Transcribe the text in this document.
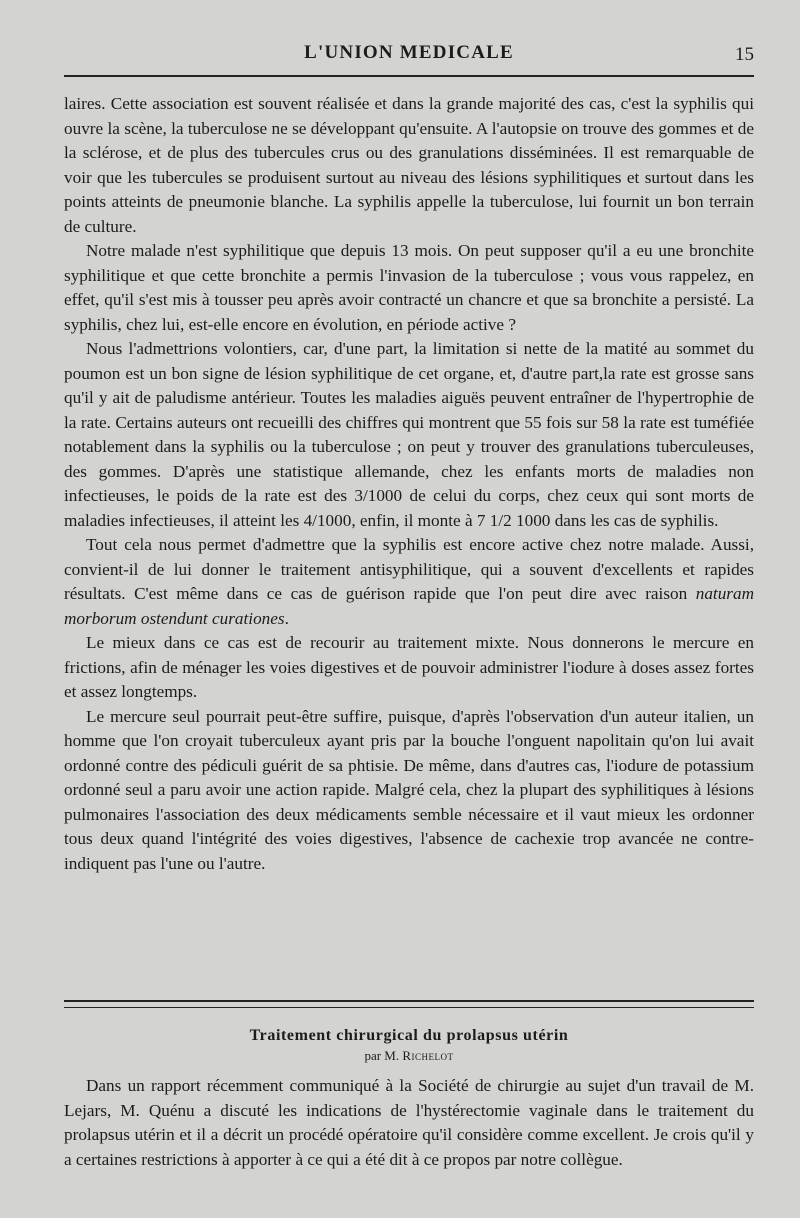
L'UNION MEDICALE	15

laires. Cette association est souvent réalisée et dans la grande majorité des cas, c'est la syphilis qui ouvre la scène, la tuberculose ne se développant qu'ensuite. A l'autopsie on trouve des gommes et de la sclérose, et de plus des tubercules crus ou des granulations disséminées. Il est remarquable de voir que les tubercules se produisent surtout au niveau des lésions syphilitiques et surtout dans les points atteints de pneumonie blanche. La syphilis appelle la tuberculose, lui fournit un bon terrain de culture.

Notre malade n'est syphilitique que depuis 13 mois. On peut supposer qu'il a eu une bronchite syphilitique et que cette bronchite a permis l'invasion de la tuberculose ; vous vous rappelez, en effet, qu'il s'est mis à tousser peu après avoir contracté un chancre et que sa bronchite a persisté. La syphilis, chez lui, est-elle encore en évolution, en période active ?

Nous l'admettrions volontiers, car, d'une part, la limitation si nette de la matité au sommet du poumon est un bon signe de lésion syphilitique de cet organe, et, d'autre part,la rate est grosse sans qu'il y ait de paludisme antérieur. Toutes les maladies aiguës peuvent entraîner de l'hypertrophie de la rate. Certains auteurs ont recueilli des chiffres qui montrent que 55 fois sur 58 la rate est tuméfiée notablement dans la syphilis ou la tuberculose ; on peut y trouver des granulations tuberculeuses, des gommes. D'après une statistique allemande, chez les enfants morts de maladies non infectieuses, le poids de la rate est des 3/1000 de celui du corps, chez ceux qui sont morts de maladies infectieuses, il atteint les 4/1000, enfin, il monte à 7 1/2 1000 dans les cas de syphilis.

Tout cela nous permet d'admettre que la syphilis est encore active chez notre malade. Aussi, convient-il de lui donner le traitement antisyphilitique, qui a souvent d'excellents et rapides résultats. C'est même dans ce cas de guérison rapide que l'on peut dire avec raison naturam morborum ostendunt curationes.

Le mieux dans ce cas est de recourir au traitement mixte. Nous donnerons le mercure en frictions, afin de ménager les voies digestives et de pouvoir administrer l'iodure à doses assez fortes et assez longtemps.

Le mercure seul pourrait peut-être suffire, puisque, d'après l'observation d'un auteur italien, un homme que l'on croyait tuberculeux ayant pris par la bouche l'onguent napolitain qu'on lui avait ordonné contre des pédiculi guérit de sa phtisie. De même, dans d'autres cas, l'iodure de potassium ordonné seul a paru avoir une action rapide. Malgré cela, chez la plupart des syphilitiques à lésions pulmonaires l'association des deux médicaments semble nécessaire et il vaut mieux les ordonner tous deux quand l'intégrité des voies digestives, l'absence de cachexie trop avancée ne contre-indiquent pas l'une ou l'autre.

Traitement chirurgical du prolapsus utérin
par M. Richelot

Dans un rapport récemment communiqué à la Société de chirurgie au sujet d'un travail de M. Lejars, M. Quénu a discuté les indications de l'hystérectomie vaginale dans le traitement du prolapsus utérin et il a décrit un procédé opératoire qu'il considère comme excellent. Je crois qu'il y a certaines restrictions à apporter à ce qui a été dit à ce propos par notre collègue.
